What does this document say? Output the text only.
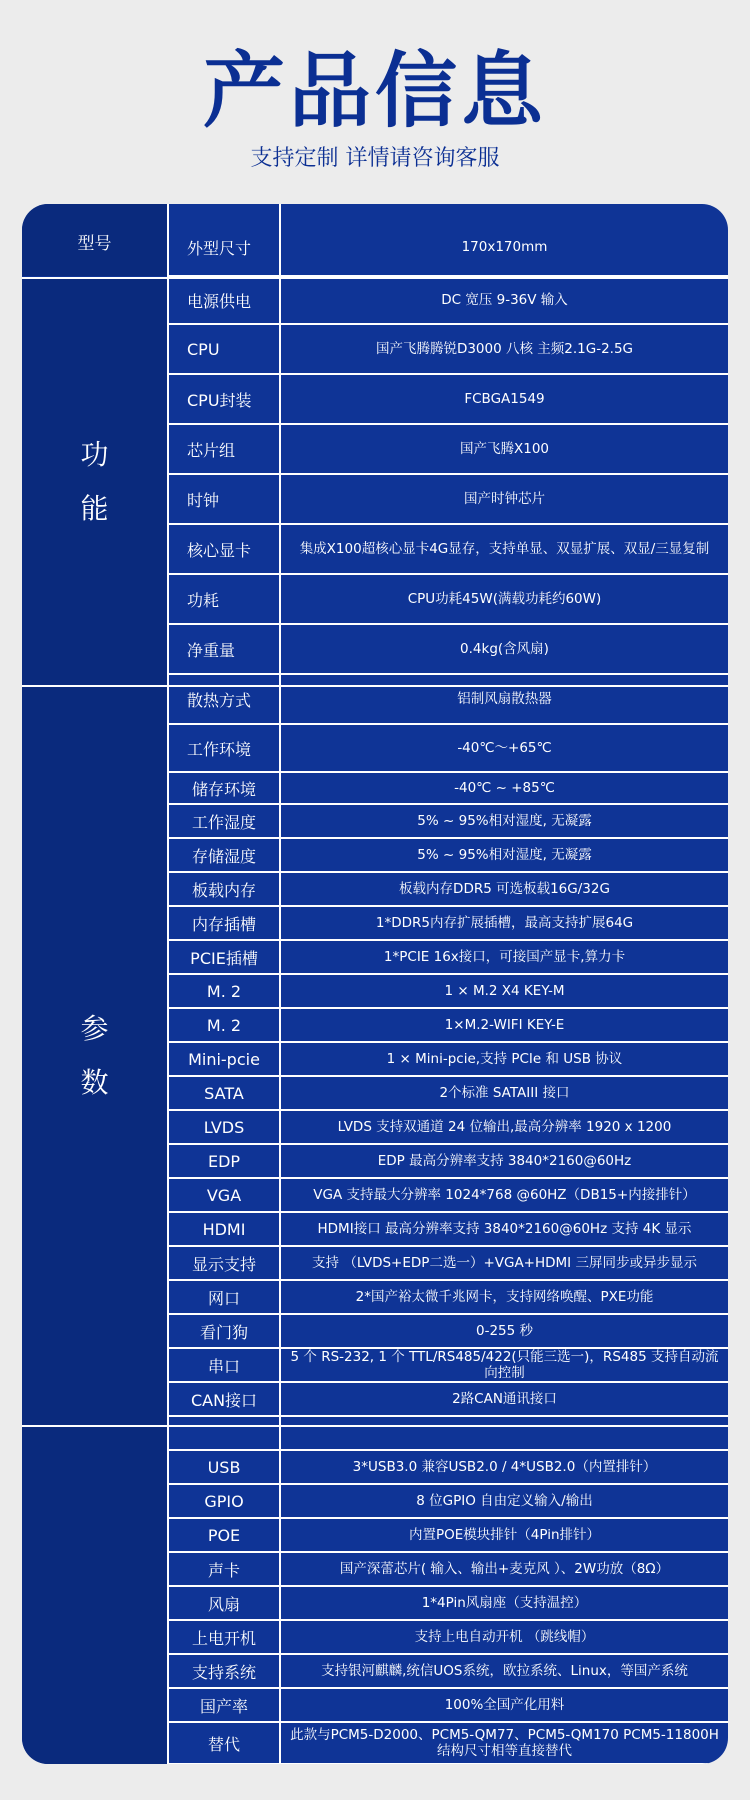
产品信息
支持定制 详情请咨询客服
型号
功
能
参
数
外型尺寸	170x170mm
电源供电	DC 宽压 9-36V 输入
CPU	国产飞腾腾锐D3000 八核 主频2.1G-2.5G
CPU封装	FCBGA1549
芯片组	国产飞腾X100
时钟	国产时钟芯片
核心显卡	集成X100超核心显卡4G显存，支持单显、双显扩展、双显/三显复制
功耗	CPU功耗45W(满载功耗约60W)
净重量	0.4kg(含风扇)
散热方式	铝制风扇散热器
工作环境	-40℃～+65℃
储存环境	-40℃ ~ +85℃
工作湿度	5% ~ 95%相对湿度, 无凝露
存储湿度	5% ~ 95%相对湿度, 无凝露
板载内存	板载内存DDR5 可选板载16G/32G
内存插槽	1*DDR5内存扩展插槽，最高支持扩展64G
PCIE插槽	1*PCIE 16x接口，可接国产显卡,算力卡
M. 2	1 × M.2 X4 KEY-M
M. 2	1×M.2-WIFI KEY-E
Mini-pcie	1 × Mini-pcie,支持 PCIe 和 USB 协议
SATA	2个标准 SATAIII 接口
LVDS	LVDS 支持双通道 24 位输出,最高分辨率 1920 x 1200
EDP	EDP 最高分辨率支持 3840*2160@60Hz
VGA	VGA 支持最大分辨率 1024*768 @60HZ（DB15+内接排针）
HDMI	HDMI接口 最高分辨率支持 3840*2160@60Hz 支持 4K 显示
显示支持	支持 （LVDS+EDP二选一）+VGA+HDMI 三屏同步或异步显示
网口	2*国产裕太微千兆网卡，支持网络唤醒、PXE功能
看门狗	0-255 秒
串口	5 个 RS-232, 1 个 TTL/RS485/422(只能三选一)，RS485 支持自动流向控制
CAN接口	2路CAN通讯接口
USB	3*USB3.0 兼容USB2.0 / 4*USB2.0（内置排针）
GPIO	8 位GPIO 自由定义输入/输出
POE	内置POE模块排针（4Pin排针）
声卡	国产深蕾芯片( 输入、输出+麦克风 ）、2W功放（8Ω）
风扇	1*4Pin风扇座（支持温控）
上电开机	支持上电自动开机 （跳线帽）
支持系统	支持银河麒麟,统信UOS系统，欧拉系统、Linux，等国产系统
国产率	100%全国产化用料
替代	此款与PCM5-D2000、PCM5-QM77、PCM5-QM170 PCM5-11800H 结构尺寸相等直接替代
